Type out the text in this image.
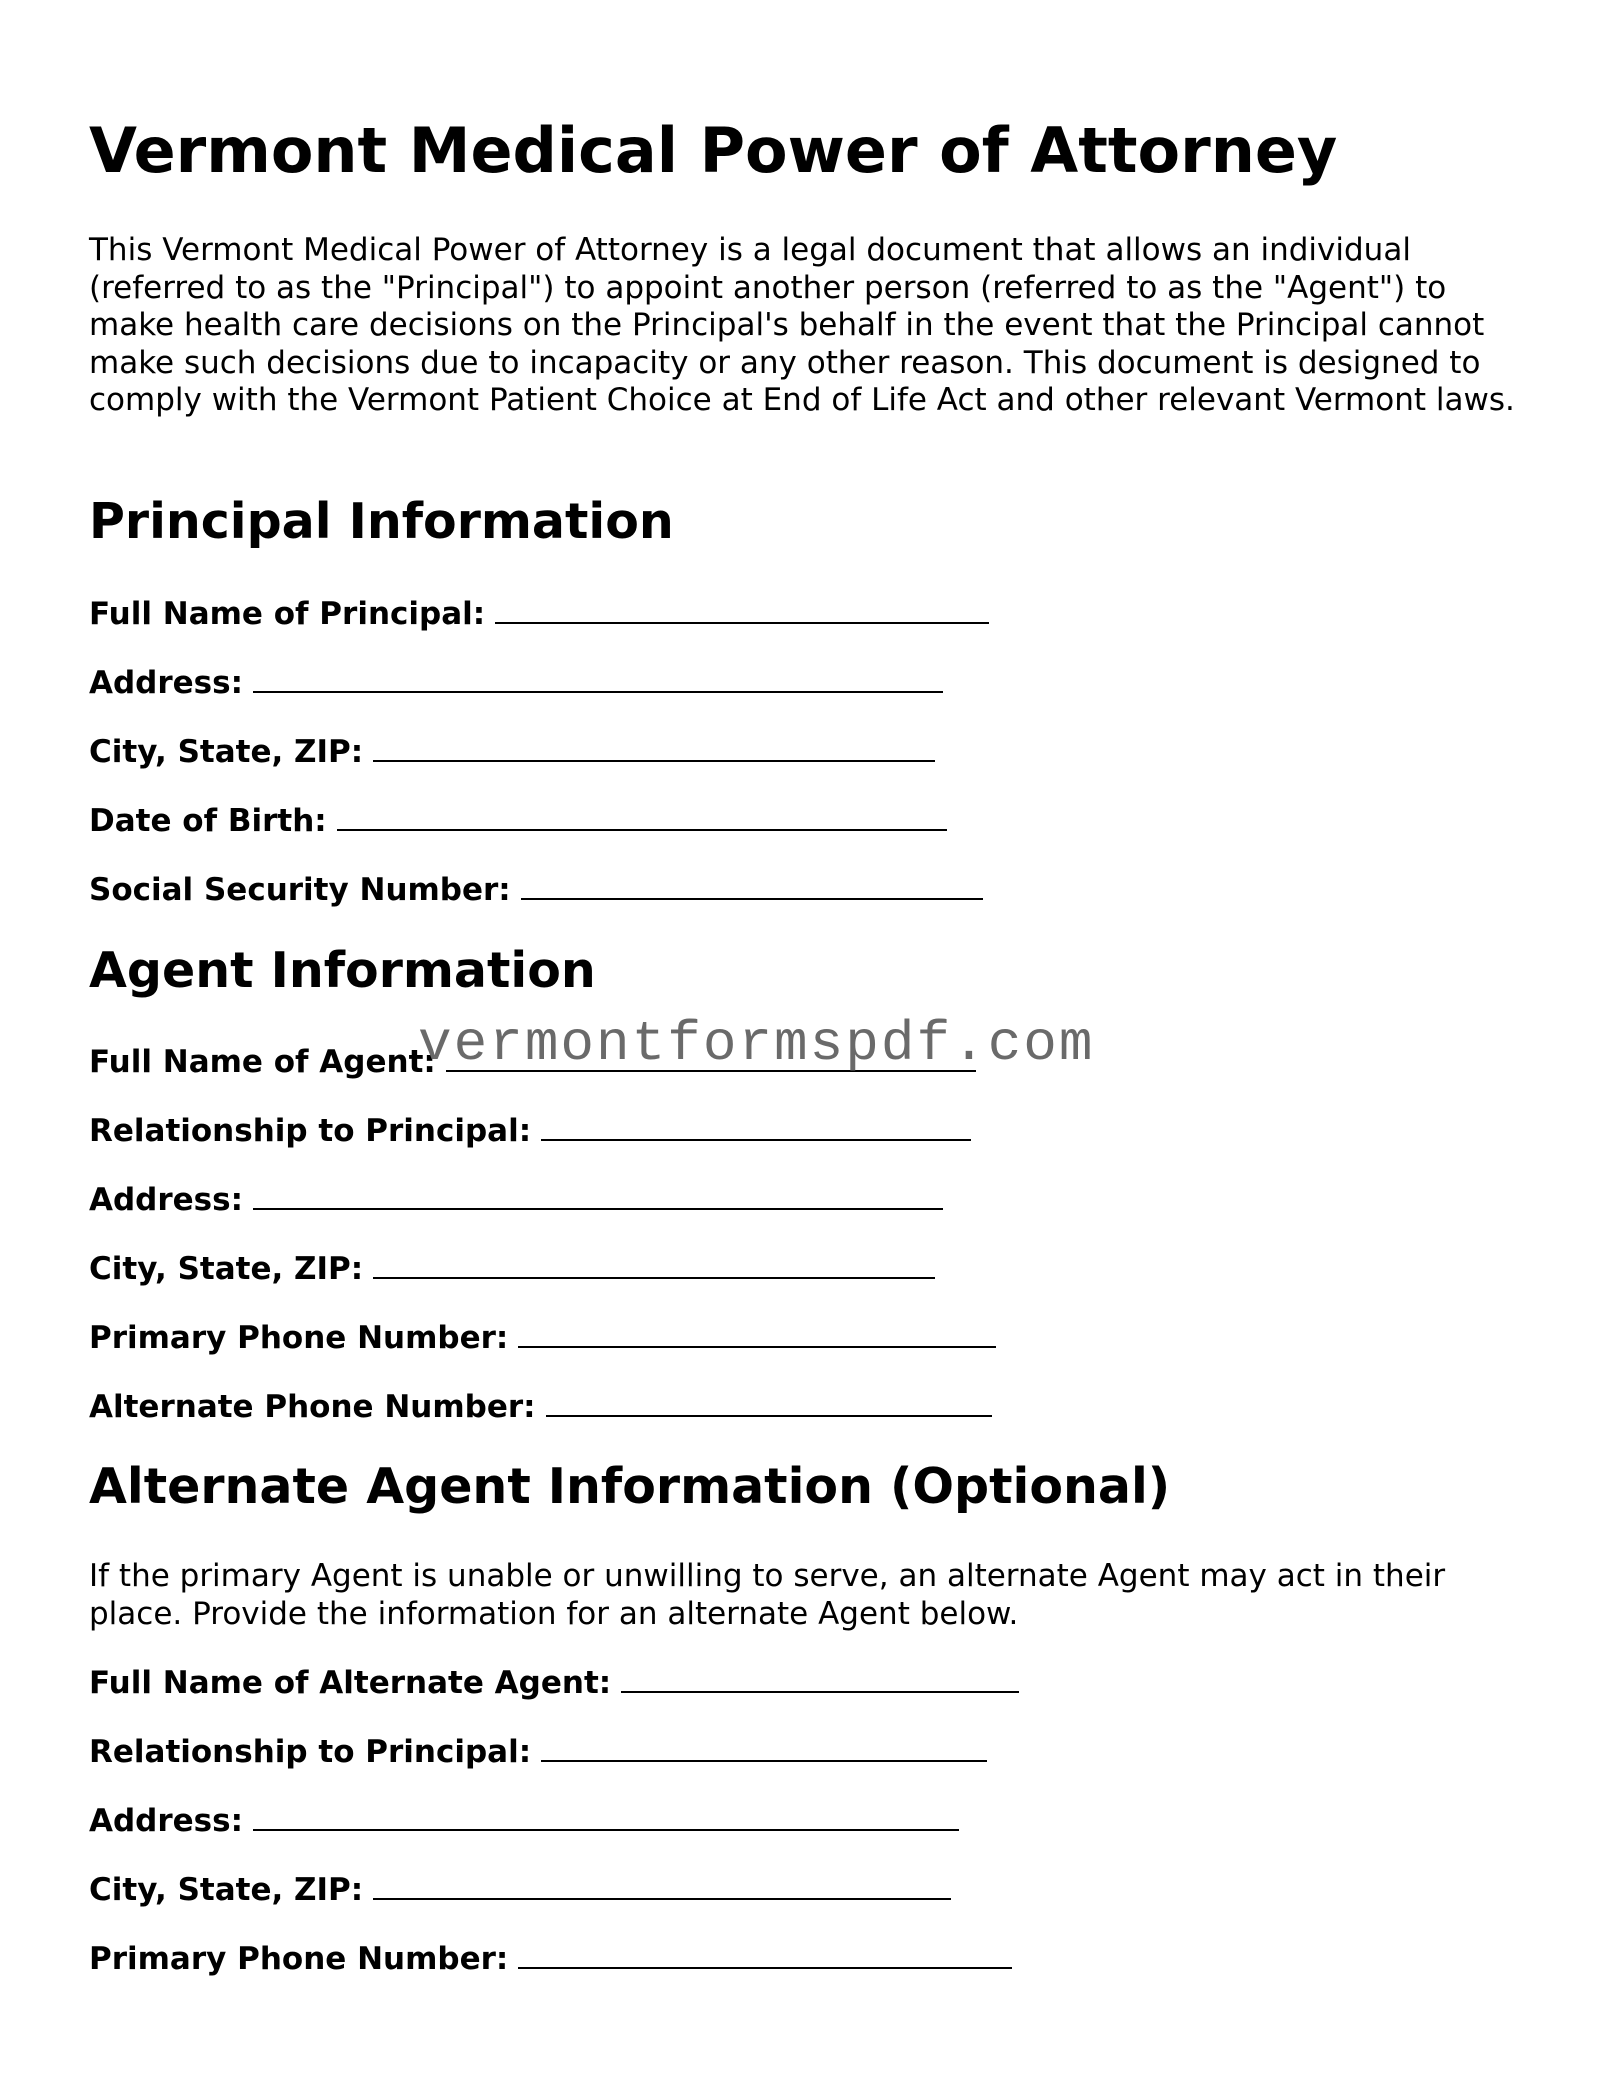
Vermont Medical Power of Attorney

This Vermont Medical Power of Attorney is a legal document that allows an individual (referred to as the "Principal") to appoint another person (referred to as the "Agent") to make health care decisions on the Principal's behalf in the event that the Principal cannot make such decisions due to incapacity or any other reason. This document is designed to comply with the Vermont Patient Choice at End of Life Act and other relevant Vermont laws.

Principal Information
Full Name of Principal:
Address:
City, State, ZIP:
Date of Birth:
Social Security Number:
Agent Information
Full Name of Agent:
Relationship to Principal:
Address:
City, State, ZIP:
Primary Phone Number:
Alternate Phone Number:
Alternate Agent Information (Optional)

If the primary Agent is unable or unwilling to serve, an alternate Agent may act in their place. Provide the information for an alternate Agent below.

Full Name of Alternate Agent:
Relationship to Principal:
Address:
City, State, ZIP:
Primary Phone Number:
vermontformspdf.com
